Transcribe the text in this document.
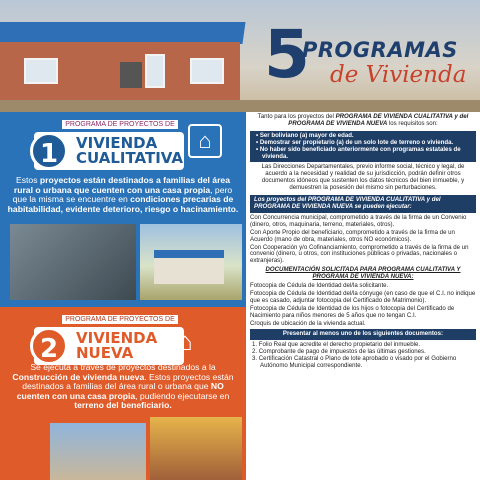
5
PROGRAMAS
de Vivienda
PROGRAMA DE PROYECTOS DE
1	VIVIENDA
CUALITATIVA
⌂
Estos proyectos están destinados a familias del área rural o urbana que cuenten con una casa propia, pero que la misma se encuentre en condiciones precarias de habitabilidad, evidente deterioro, riesgo o hacinamiento.
PROGRAMA DE PROYECTOS DE
2	VIVIENDA
NUEVA ⌂
Se ejecuta a través de proyectos destinados a la Construcción de vivienda nueva. Estos proyectos están destinados a familias del área rural o urbana que NO cuenten con una casa propia, pudiendo ejecutarse en terreno del beneficiario.
Tanto para los proyectos del PROGRAMA DE VIVIENDA CUALITATIVA y del PROGRAMA DE VIVIENDA NUEVA los requisitos son:
• Ser boliviano (a) mayor de edad.
• Demostrar ser propietario (a) de un solo lote de terreno o vivienda.
• No haber sido beneficiado anteriormente con programas estatales de vivienda.
Las Direcciones Departamentales, previo informe social, técnico y legal, de acuerdo a la necesidad y realidad de su jurisdicción, podrán definir otros documentos idóneos que sustenten los datos técnicos del bien inmueble, y demuestren la posesión del mismo sin perturbaciones.
Los proyectos del PROGRAMA DE VIVIENDA CUALITATIVA y del PROGRAMA DE VIVIENDA NUEVA se pueden ejecutar:
Con Concurrencia municipal, comprometido a través de la firma de un Convenio (dinero, otros, maquinaria, terreno, materiales, otros).
Con Aporte Propio del beneficiario, comprometido a través de la firma de un Acuerdo (mano de obra, materiales, otros NO económicos).
Con Cooperación y/o Cofinanciamiento, comprometido a través de la firma de un convenio (dinero, u otros, con instituciones públicas o privadas, nacionales o extranjeras).
DOCUMENTACIÓN SOLICITADA PARA PROGRAMA CUALITATIVA Y PROGRAMA DE VIVIENDA NUEVA:
Fotocopia de Cédula de Identidad del/la solicitante.
Fotocopia de Cédula de Identidad del/la cónyuge (en caso de que el C.I. no indique que es casado, adjuntar fotocopia del Certificado de Matrimonio).
Fotocopia de Cédula de Identidad de los hijos o fotocopia del Certificado de Nacimiento para niños menores de 5 años que no tengan C.I.
Croquis de ubicación de la vivienda actual.
Presentar al menos uno de los siguientes documentos:
1. Folio Real que acredite el derecho propietario del inmueble.
2. Comprobante de pago de impuestos de las últimas gestiones.
3. Certificación Catastral o Plano de lote aprobado o visado por el Gobierno Autónomo Municipal correspondiente.
